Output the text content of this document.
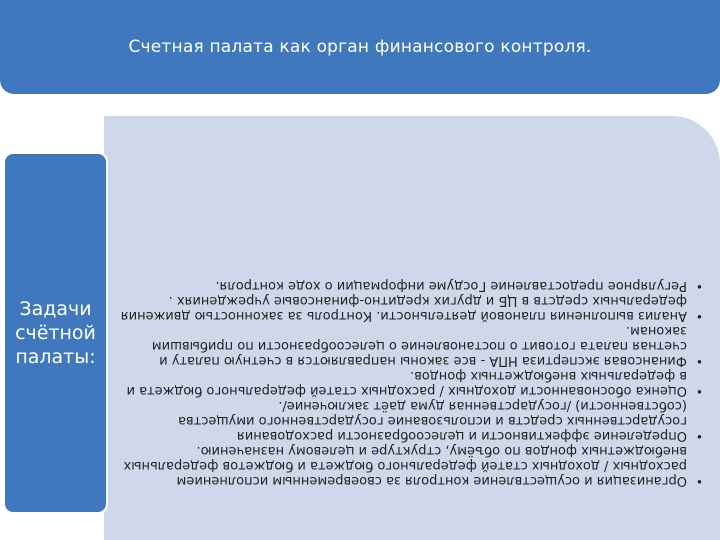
Счетная палата как орган финансового контроля.
•
Организация и осуществление контроля за своевременным исполнением расходных / доходных статей федерального бюджета и бюджетов федеральных внебюджетных фондов по объёму, структуре и целевому назначению.
•
Определение эффективности и целесообразности расходования государственных средств и использование государственного имущества (собственности) /государственная дума даёт заключение/.
•
Оценка обоснованности доходных / расходных статей федерального бюджета и в федеральных внебюджетных фондов.
•
Финансовая экспертиза НПА - все законы направляются в счетную палату и счетная палата готовит о постановление о целесообразности по прибывшим законам.
•
Анализ выполнения плановой деятельности. Контроль за законностью движения федеральных средств в ЦБ и других кредитно-финансовые учреждениях .
•
Регулярное предоставление Госдуме информации о ходе контроля.
Задачи
счётной
палаты:
